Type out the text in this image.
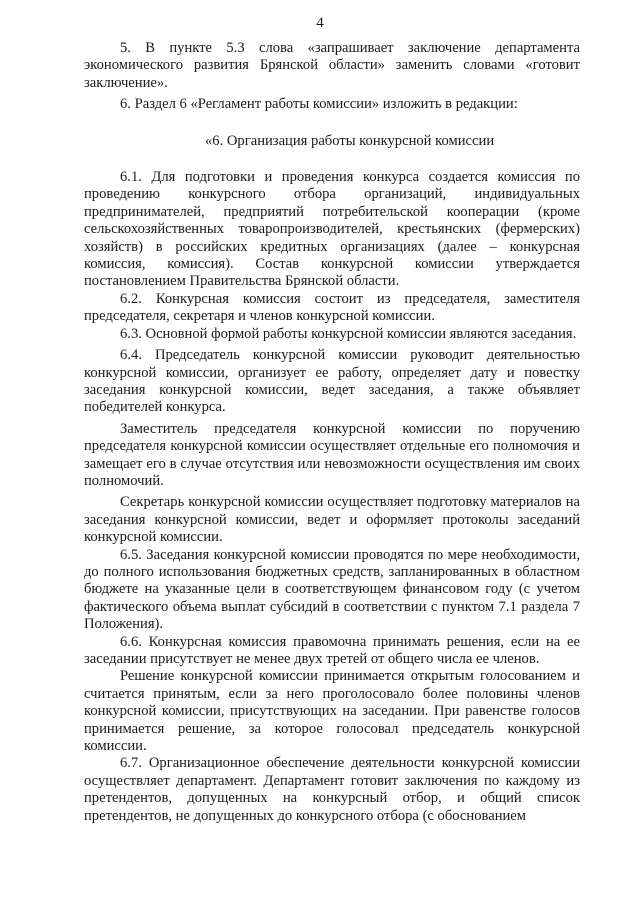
4

5. В пункте 5.3 слова «запрашивает заключение департамента экономического развития Брянской области» заменить словами «готовит заключение».

6. Раздел 6 «Регламент работы комиссии» изложить в редакции:

«6. Организация работы конкурсной комиссии

6.1. Для подготовки и проведения конкурса создается комиссия по проведению конкурсного отбора организаций, индивидуальных предпринимателей, предприятий потребительской кооперации (кроме сельскохозяйственных товаропроизводителей, крестьянских (фермерских) хозяйств) в российских кредитных организациях (далее – конкурсная комиссия, комиссия). Состав конкурсной комиссии утверждается постановлением Правительства Брянской области.

6.2. Конкурсная комиссия состоит из председателя, заместителя председателя, секретаря и членов конкурсной комиссии.

6.3. Основной формой работы конкурсной комиссии являются заседания.

6.4. Председатель конкурсной комиссии руководит деятельностью конкурсной комиссии, организует ее работу, определяет дату и повестку заседания конкурсной комиссии, ведет заседания, а также объявляет победителей конкурса.

Заместитель председателя конкурсной комиссии по поручению председателя конкурсной комиссии осуществляет отдельные его полномочия и замещает его в случае отсутствия или невозможности осуществления им своих полномочий.

Секретарь конкурсной комиссии осуществляет подготовку материалов на заседания конкурсной комиссии, ведет и оформляет протоколы заседаний конкурсной комиссии.

6.5. Заседания конкурсной комиссии проводятся по мере необходимости, до полного использования бюджетных средств, запланированных в областном бюджете на указанные цели в соответствующем финансовом году (с учетом фактического объема выплат субсидий в соответствии с пунктом 7.1 раздела 7 Положения).

6.6. Конкурсная комиссия правомочна принимать решения, если на ее заседании присутствует не менее двух третей от общего числа ее членов.

Решение конкурсной комиссии принимается открытым голосованием и считается принятым, если за него проголосовало более половины членов конкурсной комиссии, присутствующих на заседании. При равенстве голосов принимается решение, за которое голосовал председатель конкурсной комиссии.

6.7. Организационное обеспечение деятельности конкурсной комиссии осуществляет департамент. Департамент готовит заключения по каждому из претендентов, допущенных на конкурсный отбор, и общий список претендентов, не допущенных до конкурсного отбора (с обоснованием
